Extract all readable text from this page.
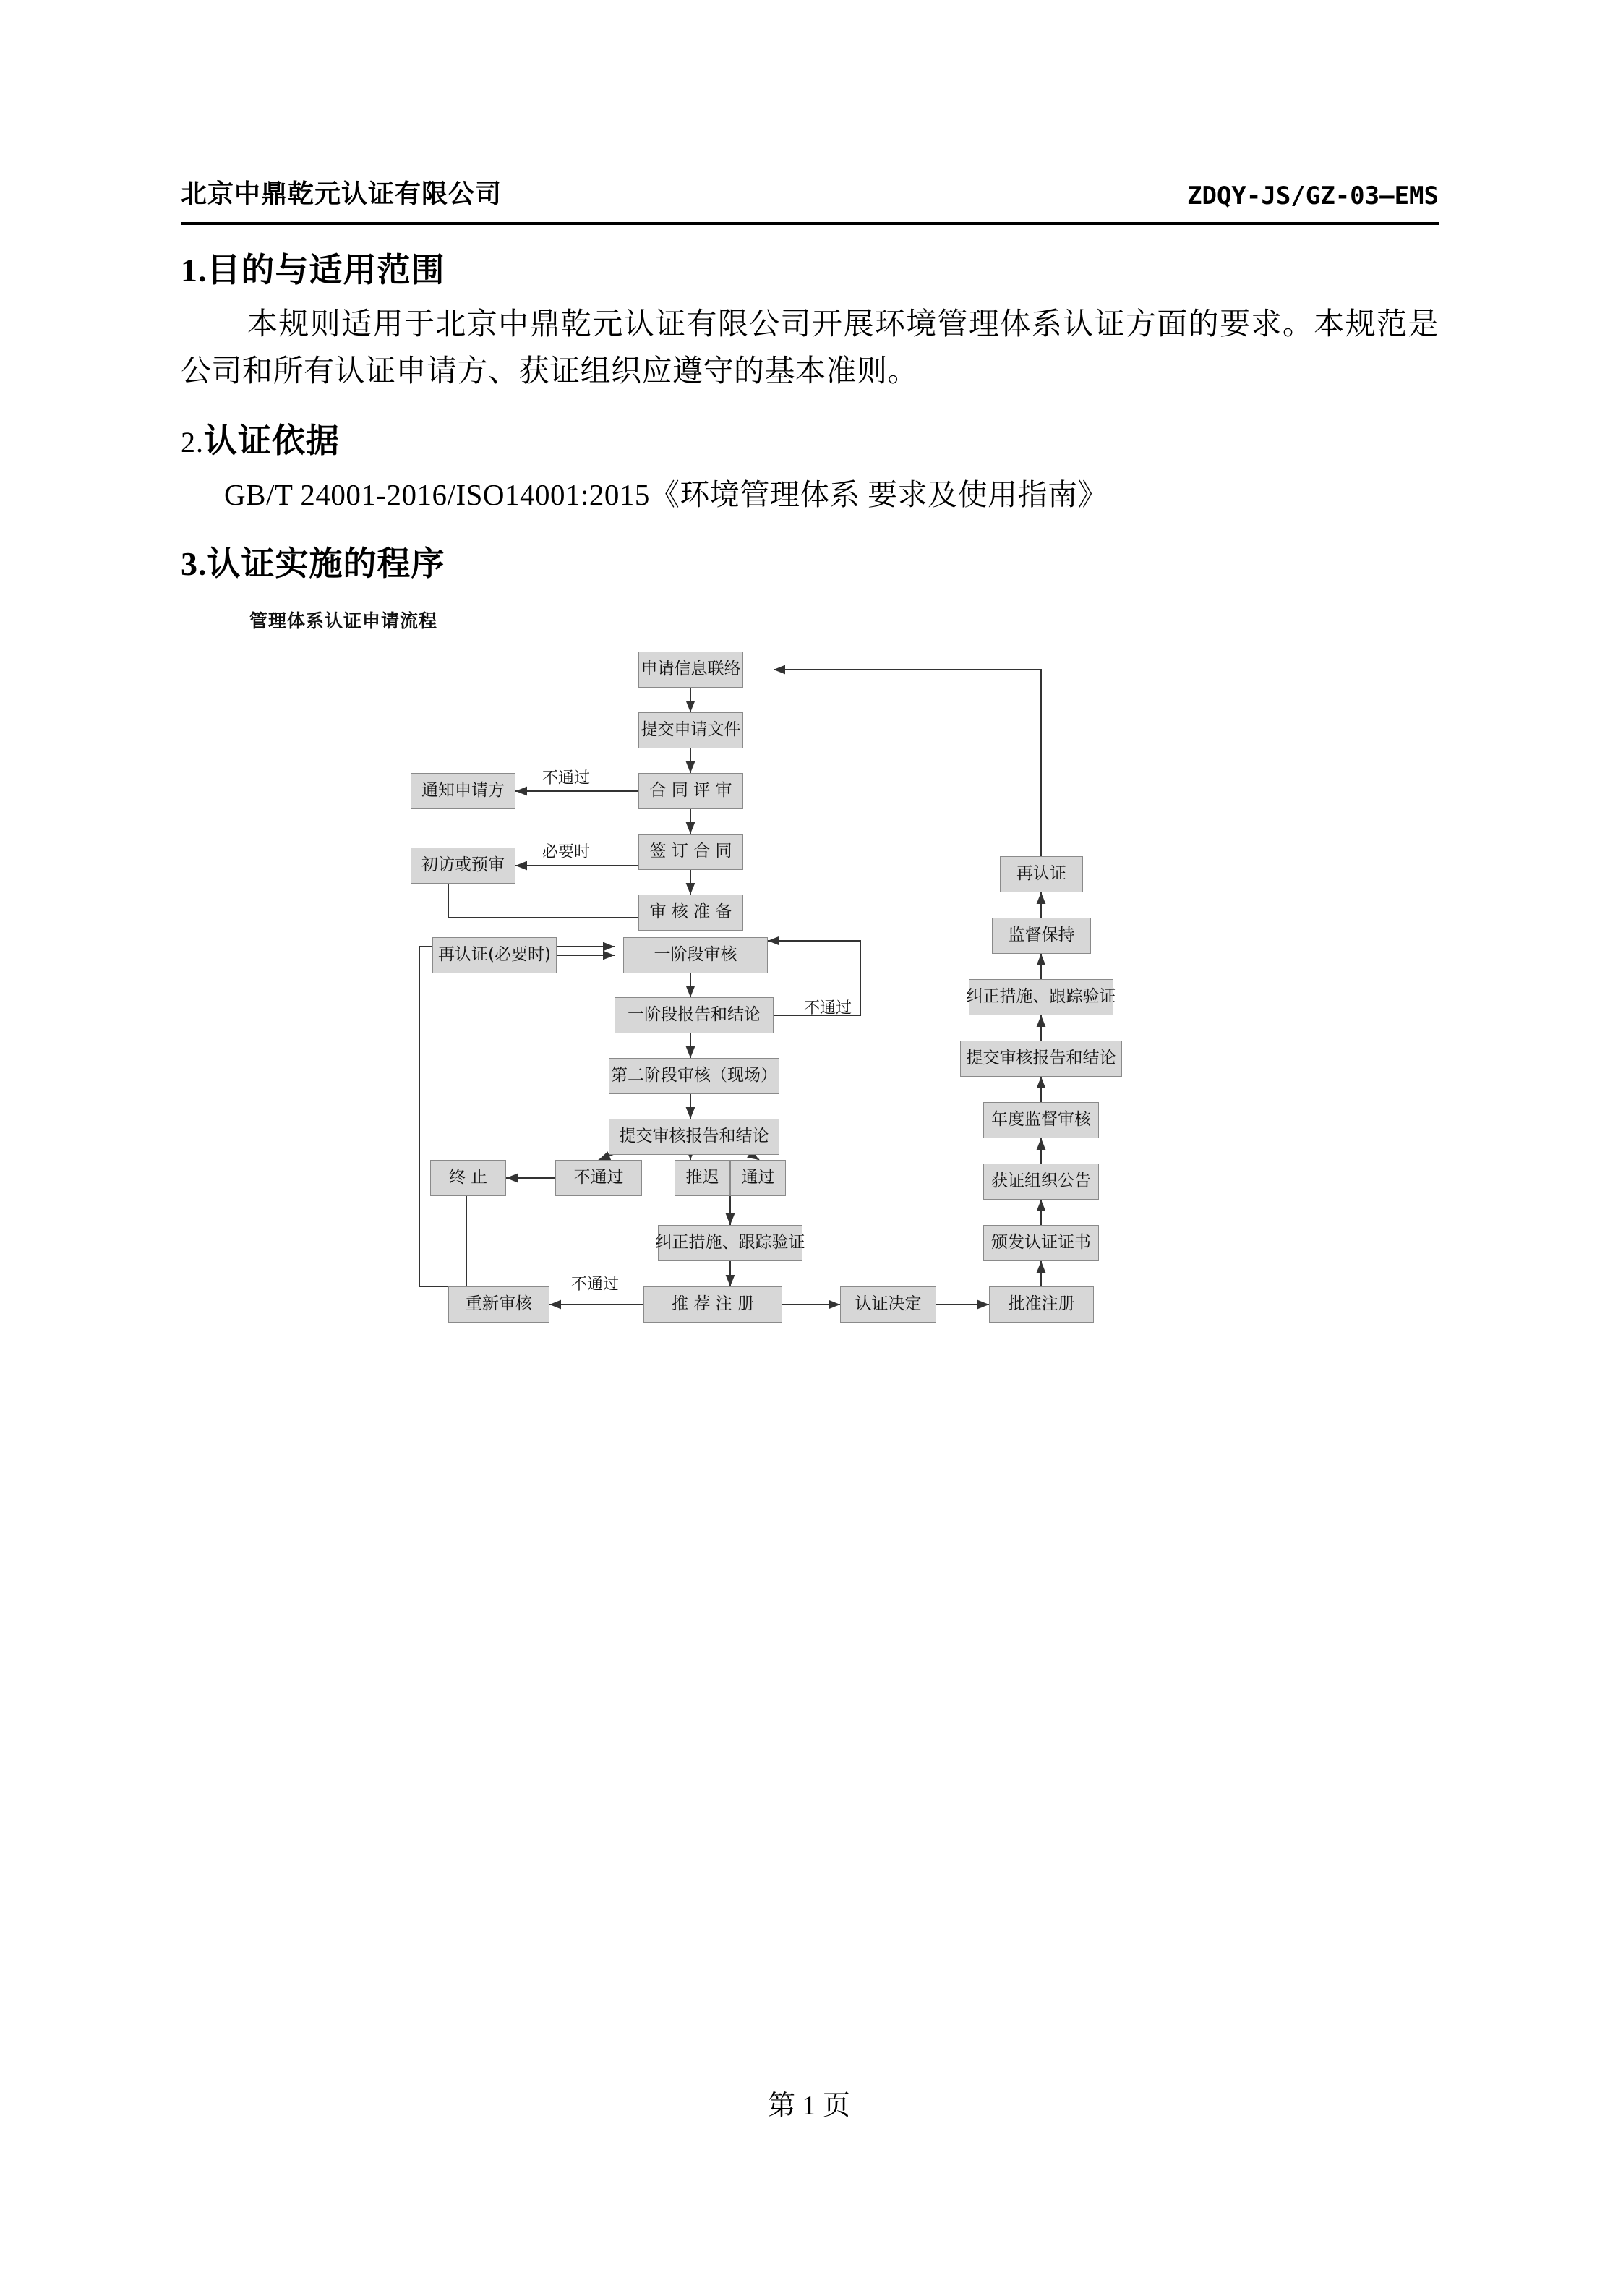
北京中鼎乾元认证有限公司	ZDQY-JS/GZ-03—EMS
1.目的与适用范围

本规则适用于北京中鼎乾元认证有限公司开展环境管理体系认证方面的要求。本规范是公司和所有认证申请方、获证组织应遵守的基本准则。

2.认证依据

GB/T 24001-2016/ISO14001:2015《环境管理体系 要求及使用指南》

3.认证实施的程序
管理体系认证申请流程
申请信息联络
提交申请文件
合 同 评 审
通知申请方
签 订 合 同
审 核 准 备
初访或预审
再认证(必要时)	一阶段审核
一阶段报告和结论
第二阶段审核（现场）
提交审核报告和结论
终 止	不通过	推迟	通过
纠正措施、跟踪验证
重新审核	推 荐 注 册	认证决定	批准注册
颁发认证证书
获证组织公告
年度监督审核
提交审核报告和结论
纠正措施、跟踪验证
监督保持
再认证
不通过
必要时
不通过
不通过
第 1 页
